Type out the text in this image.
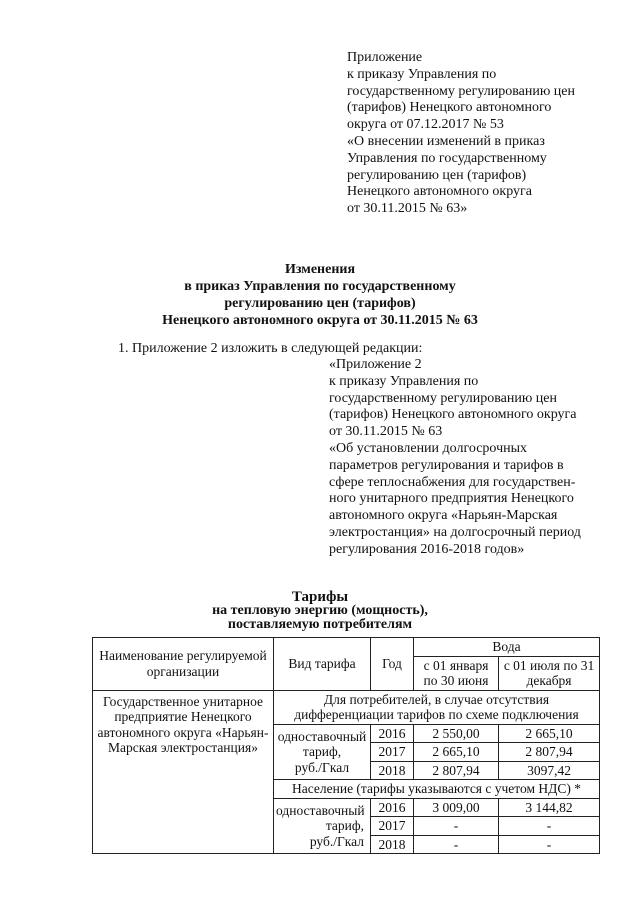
Приложение
к приказу Управления по
государственному регулированию цен
(тарифов) Ненецкого автономного
округа от 07.12.2017 № 53
«О внесении изменений в приказ
Управления по государственному
регулированию цен (тарифов)
Ненецкого автономного округа
от 30.11.2015 № 63»
Изменения
в приказ Управления по государственному
регулированию цен (тарифов)
Ненецкого автономного округа от 30.11.2015 № 63
1. Приложение 2 изложить в следующей редакции:
«Приложение 2
к приказу Управления по
государственному регулированию цен
(тарифов) Ненецкого автономного округа
от 30.11.2015 № 63
«Об установлении долгосрочных
параметров регулирования и тарифов в
сфере теплоснабжения для государствен-
ного унитарного предприятия Ненецкого
автономного округа «Нарьян-Марская
электростанция» на долгосрочный период
регулирования 2016-2018 годов»
Тарифы
на тепловую энергию (мощность),
поставляемую потребителям
Наименование регулируемой организации	Вид тарифа	Год	Вода	
			с 01 января по 30 июня	с 01 июля по 31 декабря
Государственное унитарное предприятие Ненецкого автономного округа «Нарьян-Марская электростанция»	Для потребителей, в случае отсутствия дифференциации тарифов по схеме подключения			

	одноставочный
тариф,
руб./Гкал	2016	2 550,00	2 665,10
		2017	2 665,10	2 807,94
		2018	2 807,94	3097,42
	Население (тарифы указываются с учетом НДС) *			

	одноставочный
тариф,
руб./Гкал	2016	3 009,00	3 144,82
		2017	-	-
		2018	-	-
